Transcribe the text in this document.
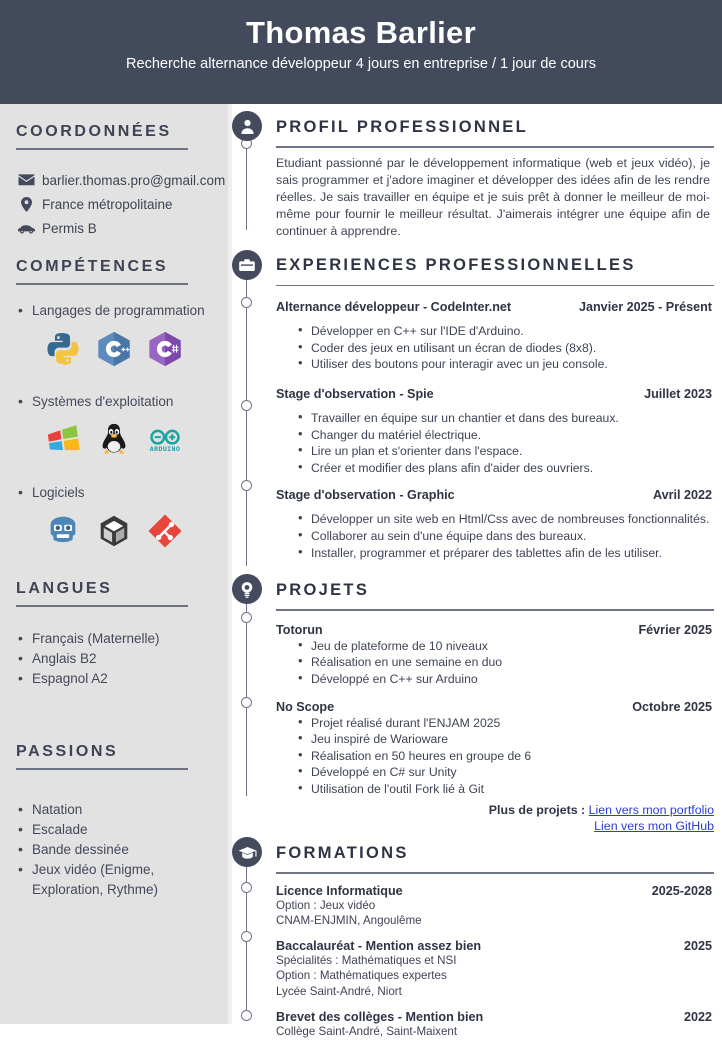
Thomas Barlier
Recherche alternance développeur 4 jours en entreprise / 1 jour de cours
COORDONNÉES
barlier.thomas.pro@gmail.com
France métropolitaine
Permis B
COMPÉTENCES
• Langages de programmation
• Systèmes d'exploitation
ARDUINO
• Logiciels
LANGUES
• Français (Maternelle)
• Anglais B2
• Espagnol A2
PASSIONS
• Natation
• Escalade
• Bande dessinée
• Jeux vidéo (Enigme, Exploration, Rythme)
PROFIL PROFESSIONNEL
Etudiant passionné par le développement informatique (web et jeux vidéo), je sais programmer et j'adore imaginer et développer des idées afin de les rendre réelles. Je sais travailler en équipe et je suis prêt à donner le meilleur de moi-même pour fournir le meilleur résultat. J'aimerais intégrer une équipe afin de continuer à apprendre.
EXPERIENCES PROFESSIONNELLES
Alternance développeur - CodeInter.net	Janvier 2025 - Présent
• Développer en C++ sur l'IDE d'Arduino.
• Coder des jeux en utilisant un écran de diodes (8x8).
• Utiliser des boutons pour interagir avec un jeu console.
Stage d'observation - Spie	Juillet 2023
• Travailler en équipe sur un chantier et dans des bureaux.
• Changer du matériel électrique.
• Lire un plan et s'orienter dans l'espace.
• Créer et modifier des plans afin d'aider des ouvriers.
Stage d'observation - Graphic	Avril 2022
• Développer un site web en Html/Css avec de nombreuses fonctionnalités.
• Collaborer au sein d'une équipe dans des bureaux.
• Installer, programmer et préparer des tablettes afin de les utiliser.
PROJETS
Totorun	Février 2025
• Jeu de plateforme de 10 niveaux
• Réalisation en une semaine en duo
• Développé en C++ sur Arduino
No Scope	Octobre 2025
• Projet réalisé durant l'ENJAM 2025
• Jeu inspiré de Warioware
• Réalisation en 50 heures en groupe de 6
• Développé en C# sur Unity
• Utilisation de l'outil Fork lié à Git
Plus de projets : Lien vers mon portfolio
Lien vers mon GitHub
FORMATIONS
Licence Informatique	2025-2028
Option : Jeux vidéo
CNAM-ENJMIN, Angoulême
Baccalauréat - Mention assez bien	2025
Spécialités : Mathématiques et NSI
Option : Mathématiques expertes
Lycée Saint-André, Niort
Brevet des collèges - Mention bien	2022
Collège Saint-André, Saint-Maixent
